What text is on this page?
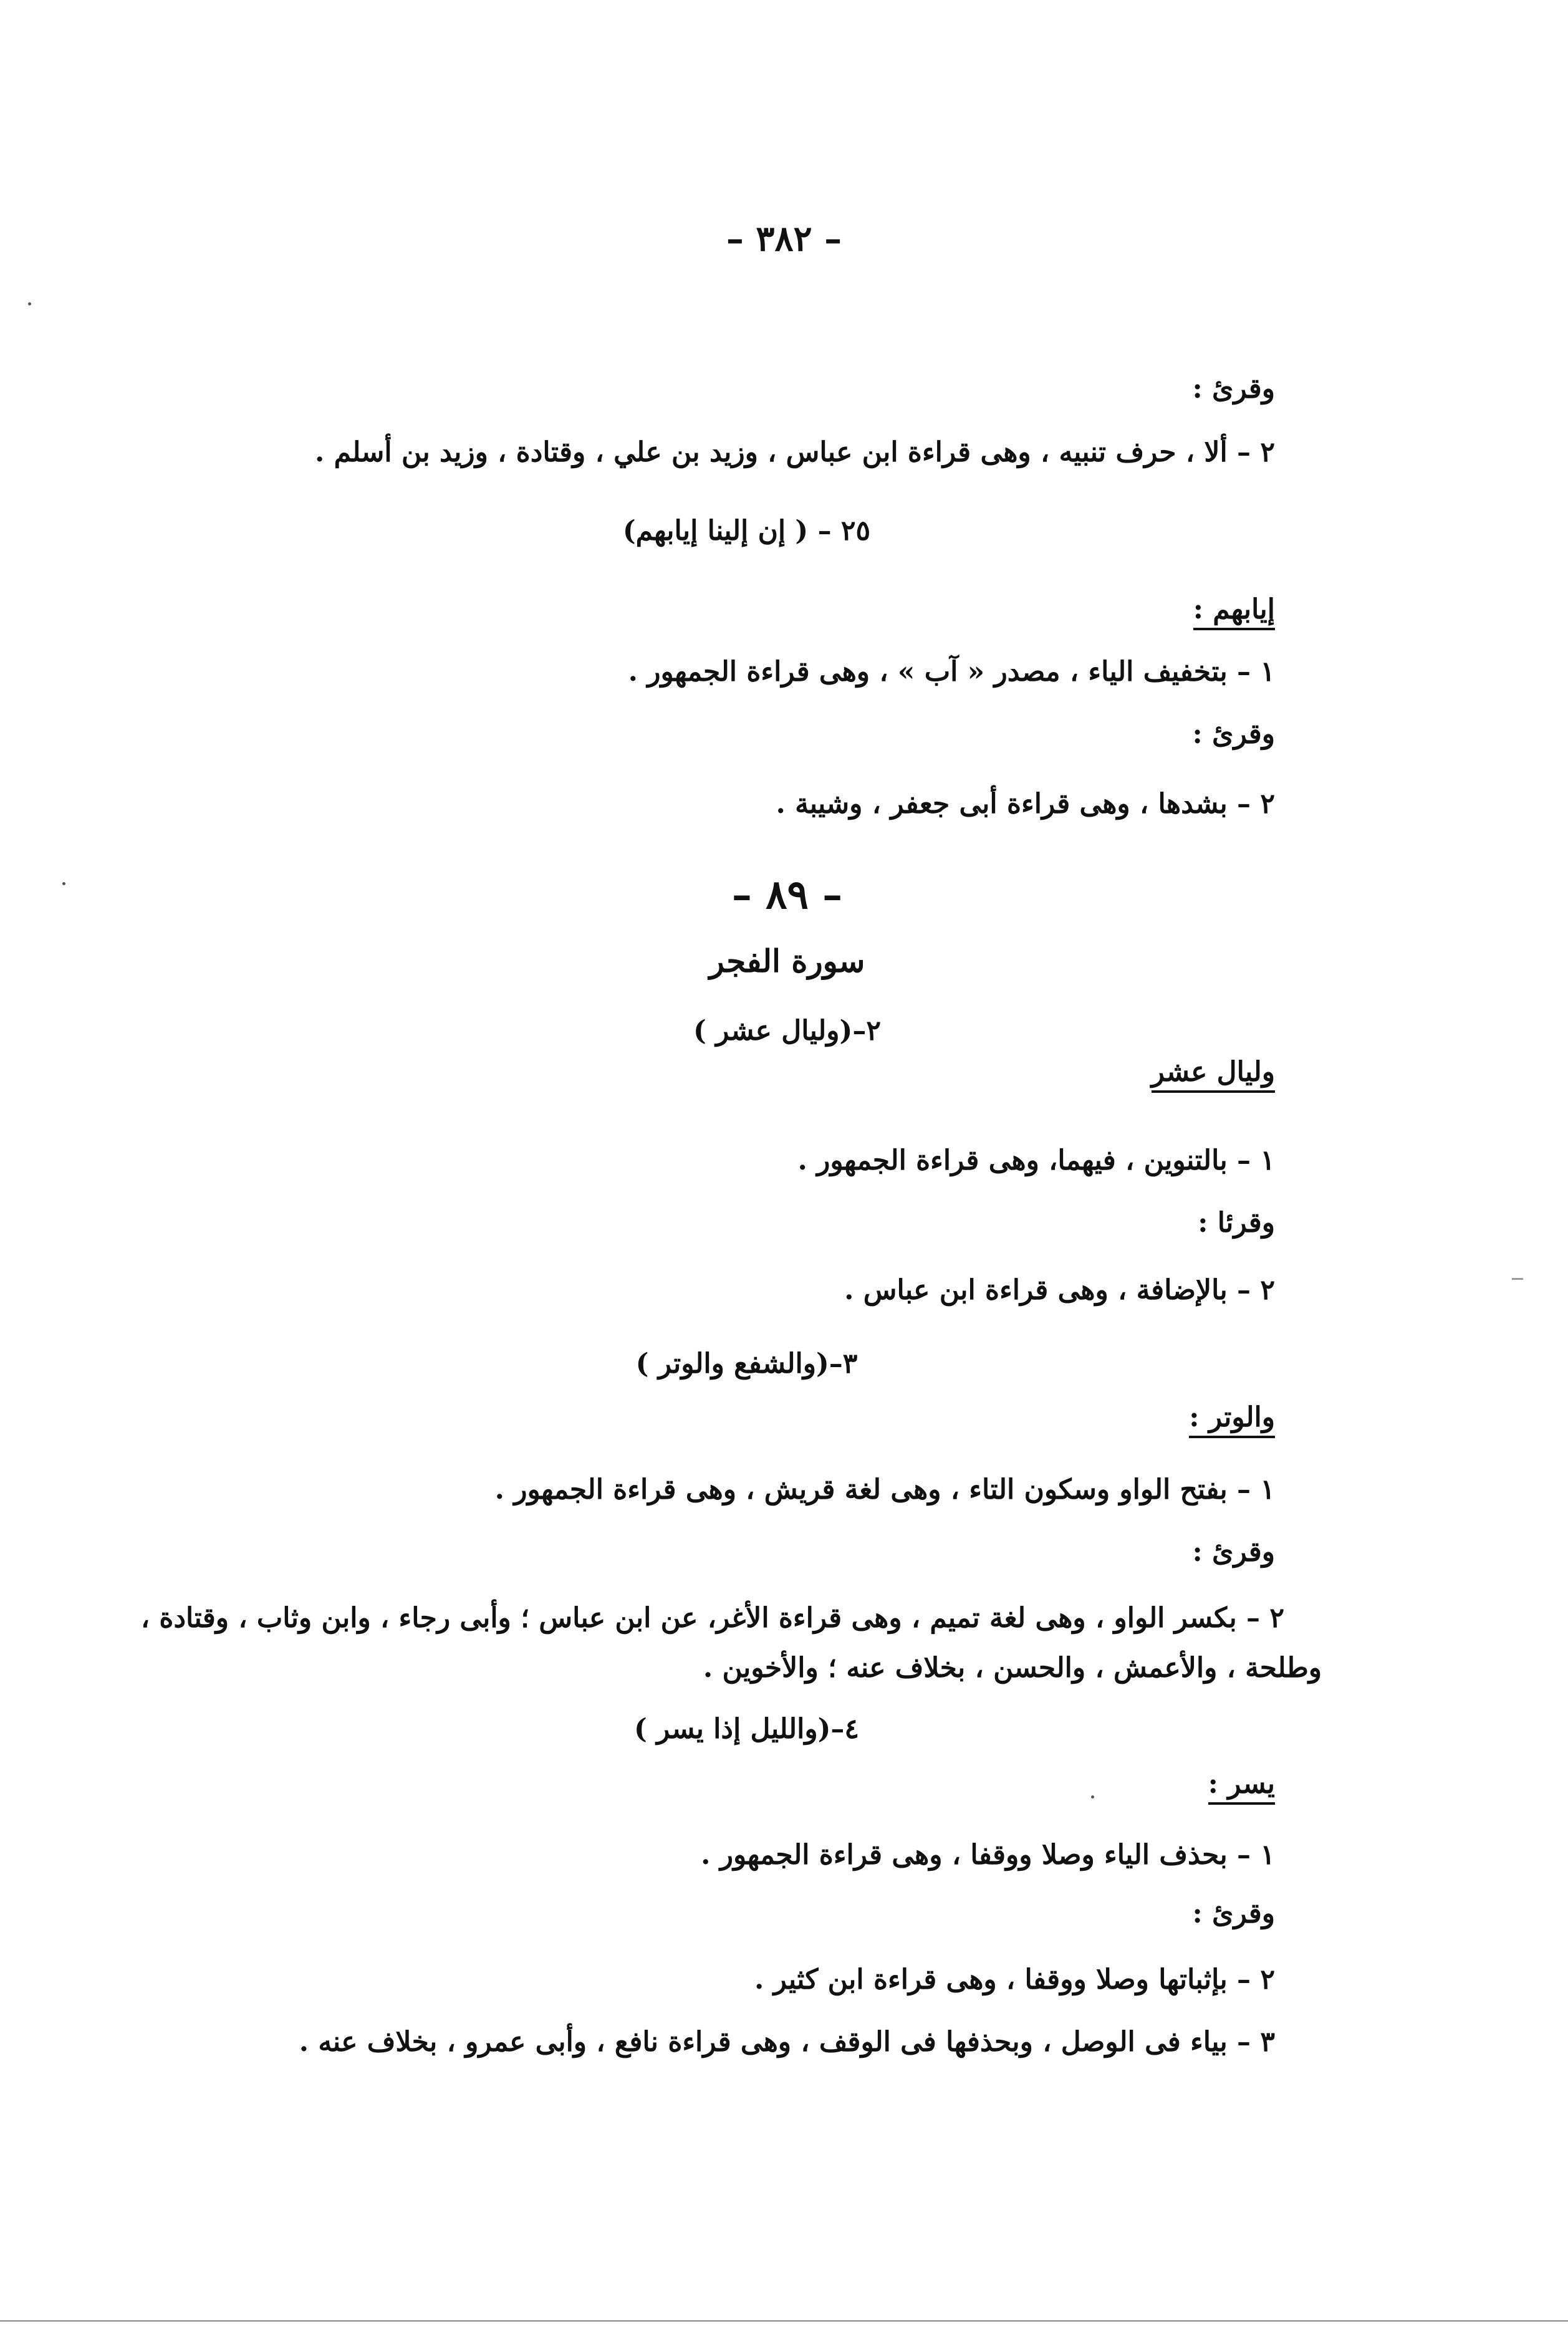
– ٣٨٢ –
وقرئ :
٢ – ألا ، حرف تنبيه ، وهى قراءة ابن عباس ، وزيد بن علي ، وقتادة ، وزيد بن أسلم .
٢٥ – ( إن إلينا إيابهم)
إيابهم :
١ – بتخفيف الياء ، مصدر « آب » ، وهى قراءة الجمهور .
وقرئ :
٢ – بشدها ، وهى قراءة أبى جعفر ، وشيبة .
– ٨٩ –
سورة الفجر
٢–(وليال عشر )
وليال عشر
١ – بالتنوين ، فيهما، وهى قراءة الجمهور .
وقرئا :
٢ – بالإضافة ، وهى قراءة ابن عباس .
٣–(والشفع والوتر )
والوتر :
١ – بفتح الواو وسكون التاء ، وهى لغة قريش ، وهى قراءة الجمهور .
وقرئ :
٢ – بكسر الواو ، وهى لغة تميم ، وهى قراءة الأغر، عن ابن عباس ؛ وأبى رجاء ، وابن وثاب ، وقتادة ،
وطلحة ، والأعمش ، والحسن ، بخلاف عنه ؛ والأخوين .
٤–(والليل إذا يسر )
يسر :
١ – بحذف الياء وصلا ووقفا ، وهى قراءة الجمهور .
وقرئ :
٢ – بإثباتها وصلا ووقفا ، وهى قراءة ابن كثير .
٣ – بياء فى الوصل ، وبحذفها فى الوقف ، وهى قراءة نافع ، وأبى عمرو ، بخلاف عنه .
